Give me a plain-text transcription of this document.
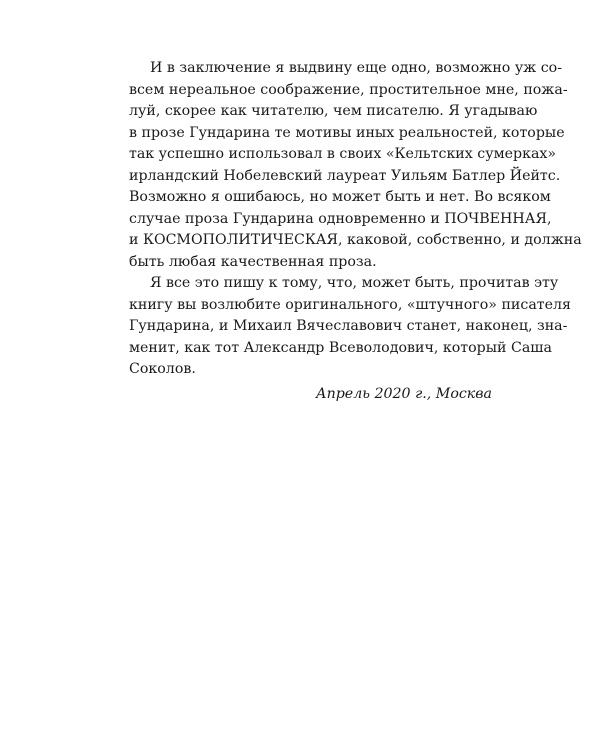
И в заключение я выдвину еще одно, возможно уж со-
всем нереальное соображение, простительное мне, пожа-
луй, скорее как читателю, чем писателю. Я угадываю
в прозе Гундарина те мотивы иных реальностей, которые
так успешно использовал в своих «Кельтских сумерках»
ирландский Нобелевский лауреат Уильям Батлер Йейтс.
Возможно я ошибаюсь, но может быть и нет. Во всяком
случае проза Гундарина одновременно и ПОЧВЕННАЯ,
и КОСМОПОЛИТИЧЕСКАЯ, каковой, собственно, и должна
быть любая качественная проза.
Я все это пишу к тому, что, может быть, прочитав эту
книгу вы возлюбите оригинального, «штучного» писателя
Гундарина, и Михаил Вячеславович станет, наконец, зна-
менит, как тот Александр Всеволодович, который Саша
Соколов.
Апрель 2020 г., Москва
